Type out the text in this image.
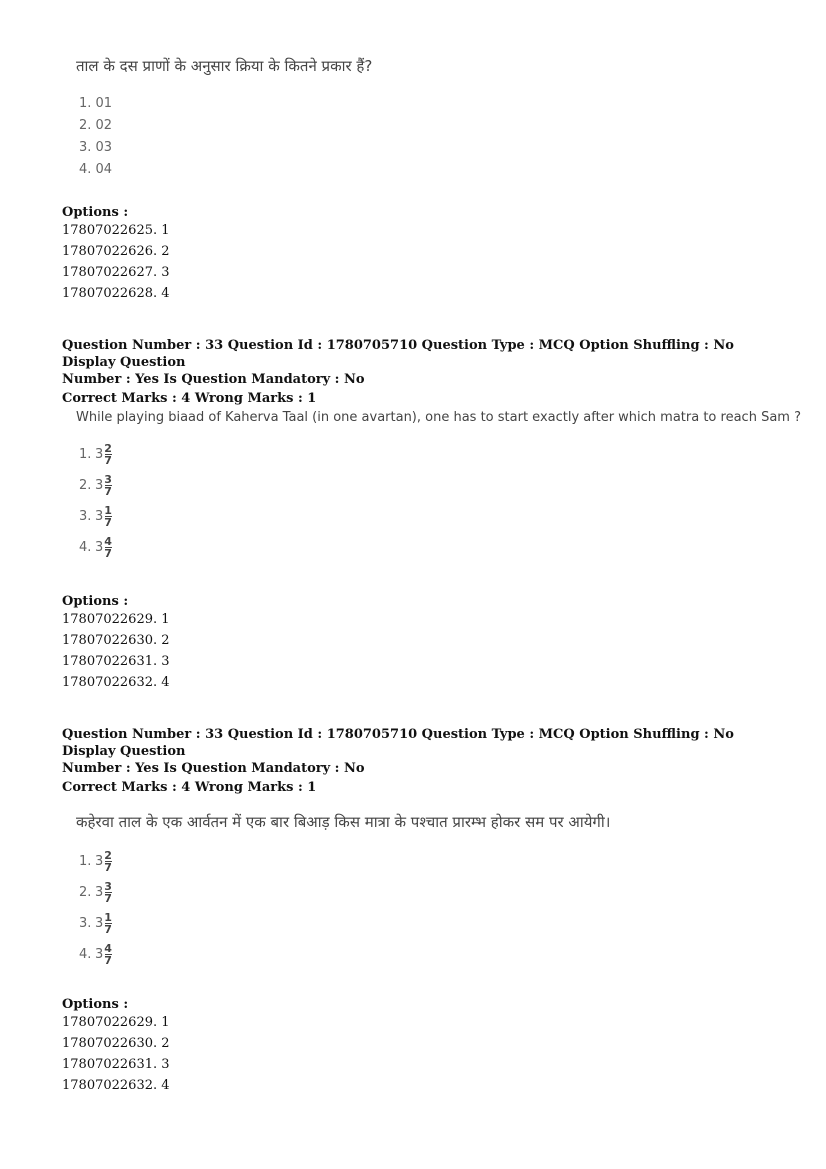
ताल के दस प्राणों के अनुसार क्रिया के कितने प्रकार हैं?
1. 01
2. 02
3. 03
4. 04
Options :
17807022625. 1
17807022626. 2
17807022627. 3
17807022628. 4
Question Number : 33 Question Id : 1780705710 Question Type : MCQ Option Shuffling : No Display Question
Number : Yes Is Question Mandatory : No
Correct Marks : 4 Wrong Marks : 1
While playing biaad of Kaherva Taal (in one avartan), one has to start exactly after which matra to reach Sam ?
1. $3 \frac{2}{7}$
2. $3 \frac{3}{7}$
3. $3 \frac{1}{7}$
4. $3 \frac{4}{7}$
Options :
17807022629. 1
17807022630. 2
17807022631. 3
17807022632. 4
Question Number : 33 Question Id : 1780705710 Question Type : MCQ Option Shuffling : No Display Question
Number : Yes Is Question Mandatory : No
Correct Marks : 4 Wrong Marks : 1
कहेरवा ताल के एक आर्वतन में एक बार बिआड़ किस मात्रा के पश्चात प्रारम्भ होकर सम पर आयेगी।
1. $3 \frac{2}{7}$
2. $3 \frac{3}{7}$
3. $3 \frac{1}{7}$
4. $3 \frac{4}{7}$
Options :
17807022629. 1
17807022630. 2
17807022631. 3
17807022632. 4
